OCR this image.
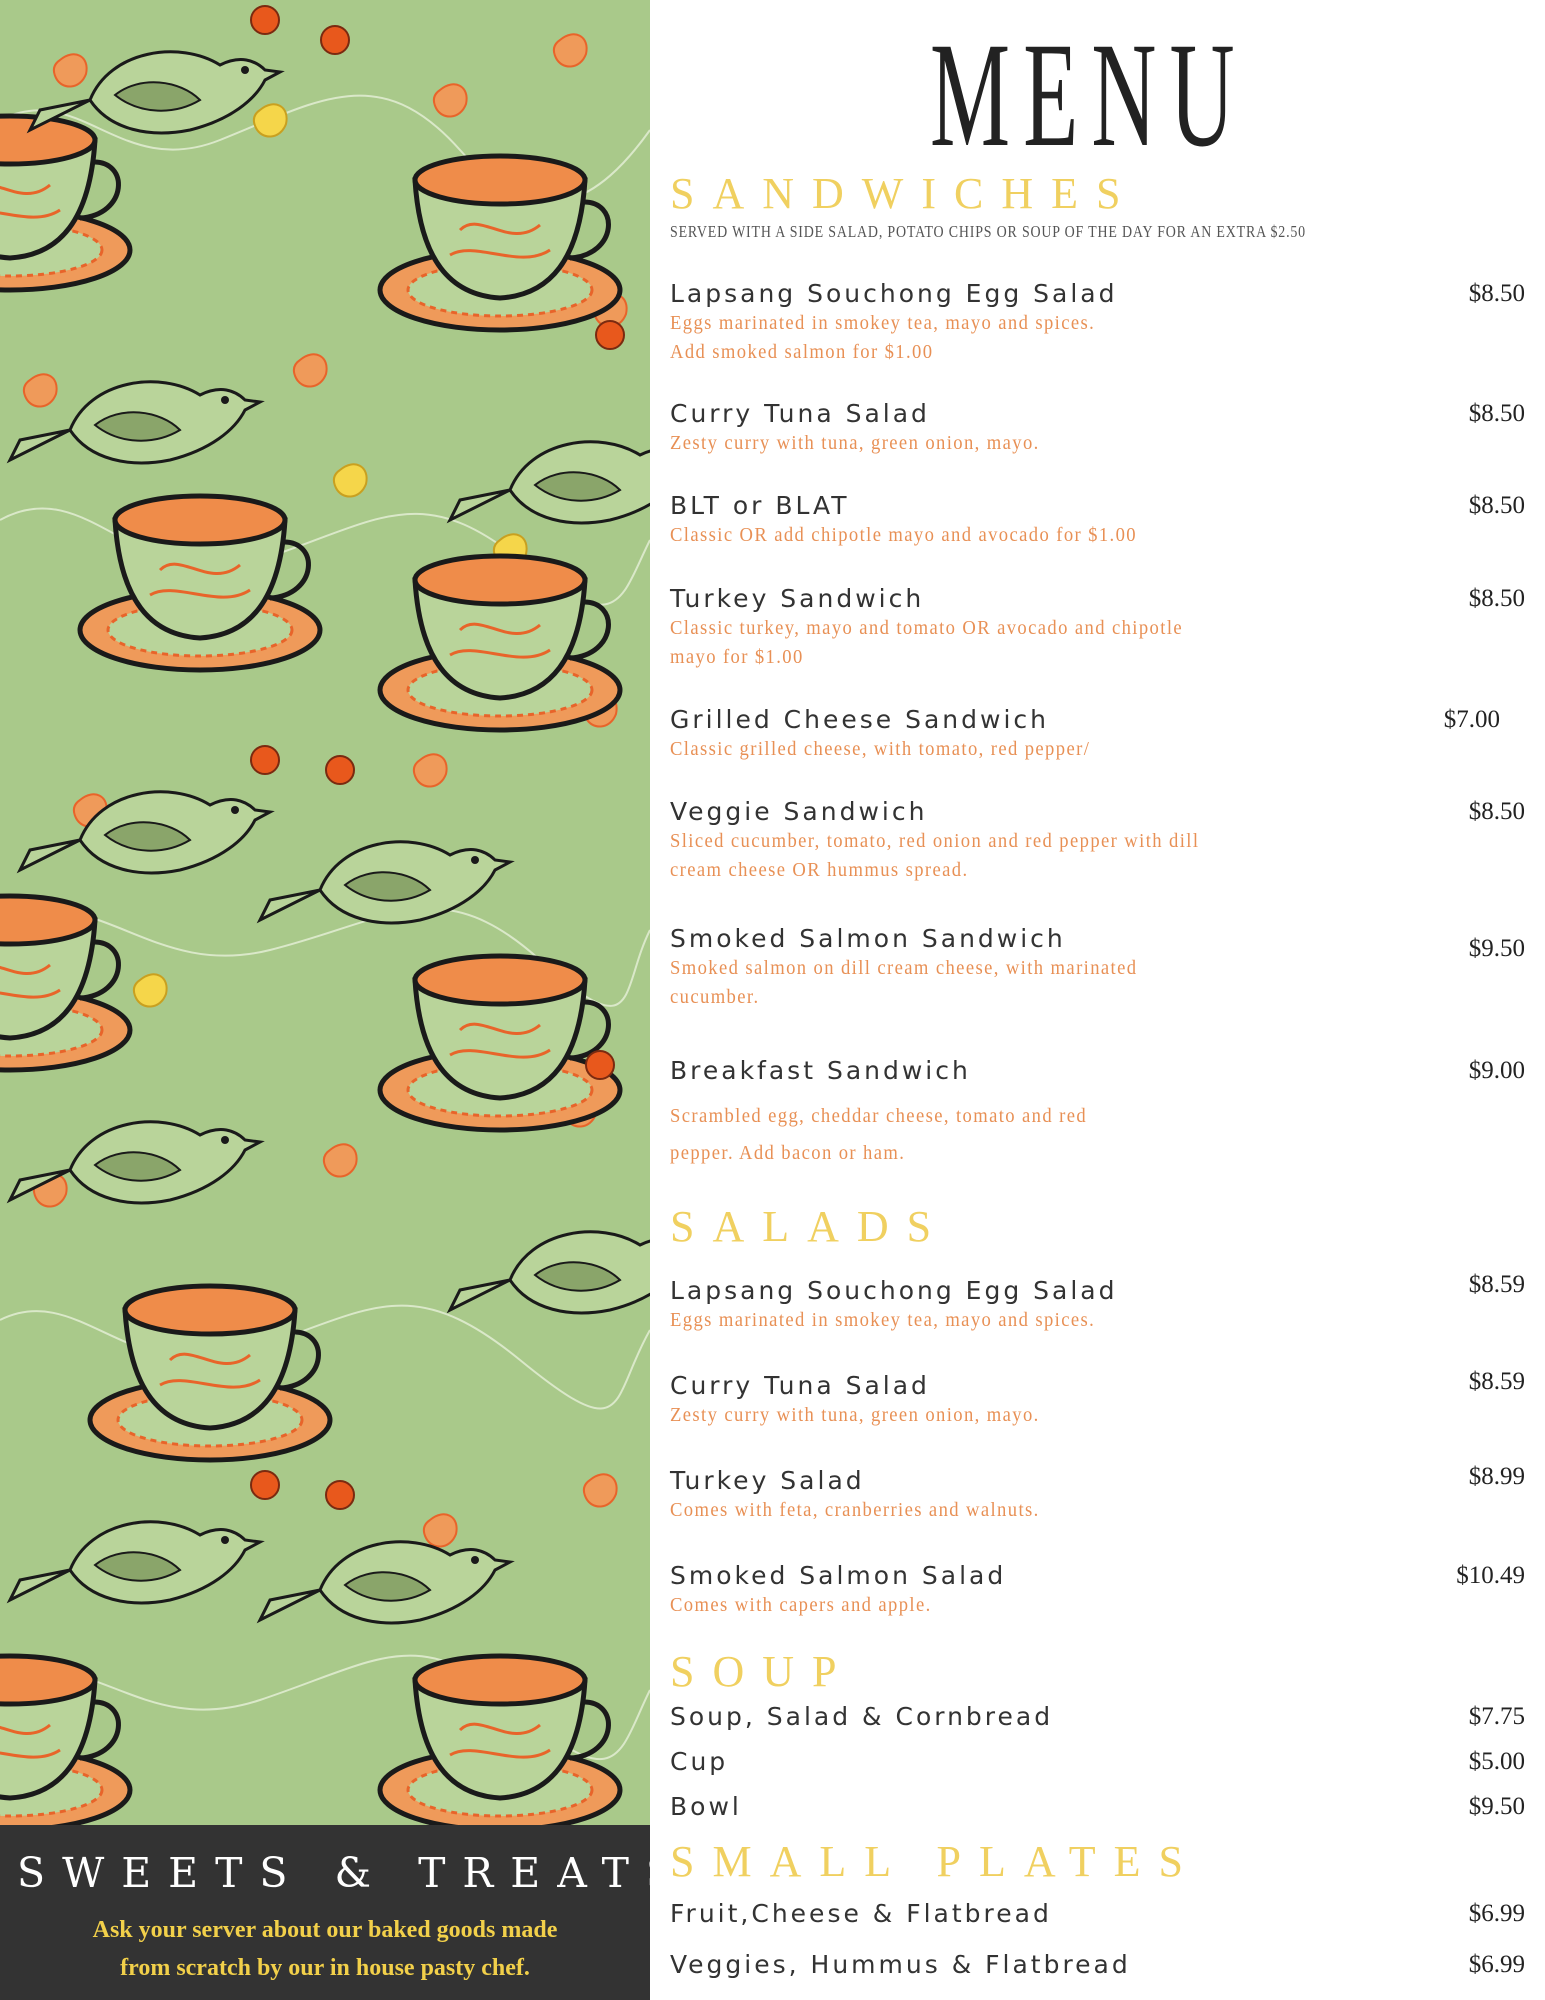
SWEETS & TREATS
Ask your server about our baked goods made
from scratch by our in house pasty chef.
MENU
SANDWICHES
SERVED WITH A SIDE SALAD, POTATO CHIPS OR SOUP OF THE DAY FOR AN EXTRA $2.50
Lapsang Souchong Egg Salad
Eggs marinated in smokey tea, mayo and spices.
Add smoked salmon for $1.00
$8.50
Curry Tuna Salad
Zesty curry with tuna, green onion, mayo.
$8.50
BLT or BLAT
Classic OR add chipotle mayo and avocado for $1.00
$8.50
Turkey Sandwich
Classic turkey, mayo and tomato OR avocado and chipotle
mayo for $1.00
$8.50
Grilled Cheese Sandwich
Classic grilled cheese, with tomato, red pepper/
$7.00
Veggie Sandwich
Sliced cucumber, tomato, red onion and red pepper with dill
cream cheese OR hummus spread.
$8.50
Smoked Salmon Sandwich
Smoked salmon on dill cream cheese, with marinated
cucumber.
$9.50
Breakfast Sandwich
Scrambled egg, cheddar cheese, tomato and red
pepper. Add bacon or ham.
$9.00
SALADS
Lapsang Souchong Egg Salad
Eggs marinated in smokey tea, mayo and spices.
$8.59
Curry Tuna Salad
Zesty curry with tuna, green onion, mayo.
$8.59
Turkey Salad
Comes with feta, cranberries and walnuts.
$8.99
Smoked Salmon Salad
Comes with capers and apple.
$10.49
SOUP
Soup, Salad & Cornbread	$7.75
Cup	$5.00
Bowl	$9.50
SMALL PLATES
Fruit,Cheese & Flatbread	$6.99
Veggies, Hummus & Flatbread	$6.99
